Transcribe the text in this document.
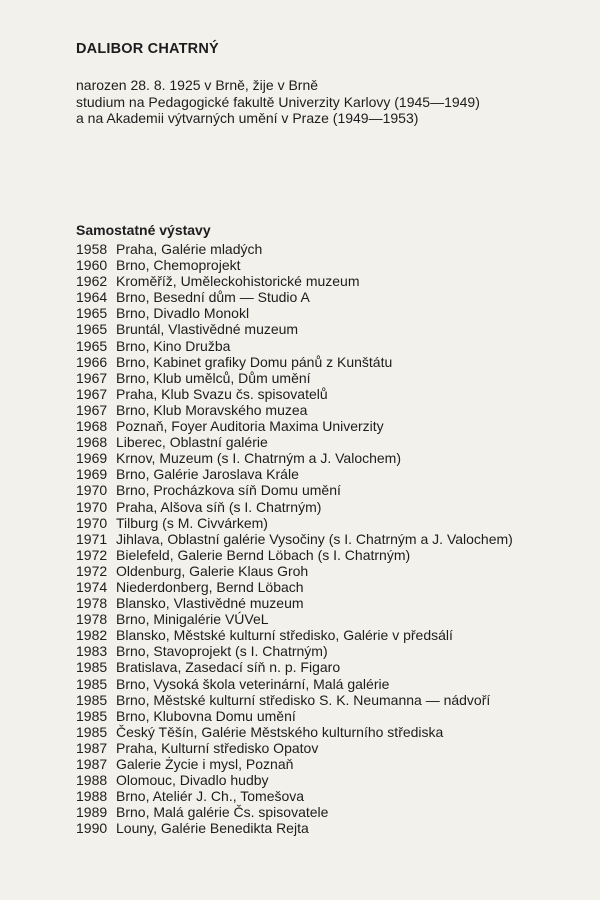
DALIBOR CHATRNÝ
narozen 28. 8. 1925 v Brně, žije v Brně
studium na Pedagogické fakultě Univerzity Karlovy (1945—1949)
a na Akademii výtvarných umění v Praze (1949—1953)
Samostatné výstavy
1958 Praha, Galérie mladých
1960 Brno, Chemoprojekt
1962 Kroměříž, Uměleckohistorické muzeum
1964 Brno, Besední dům — Studio A
1965 Brno, Divadlo Monokl
1965 Bruntál, Vlastivědné muzeum
1965 Brno, Kino Družba
1966 Brno, Kabinet grafiky Domu pánů z Kunštátu
1967 Brno, Klub umělců, Dům umění
1967 Praha, Klub Svazu čs. spisovatelů
1967 Brno, Klub Moravského muzea
1968 Poznaň, Foyer Auditoria Maxima Univerzity
1968 Liberec, Oblastní galérie
1969 Krnov, Muzeum (s I. Chatrným a J. Valochem)
1969 Brno, Galérie Jaroslava Krále
1970 Brno, Procházkova síň Domu umění
1970 Praha, Alšova síň (s I. Chatrným)
1970 Tilburg (s M. Civvárkem)
1971 Jihlava, Oblastní galérie Vysočiny (s I. Chatrným a J. Valochem)
1972 Bielefeld, Galerie Bernd Löbach (s I. Chatrným)
1972 Oldenburg, Galerie Klaus Groh
1974 Niederdonberg, Bernd Löbach
1978 Blansko, Vlastivědné muzeum
1978 Brno, Minigalérie VÚVeL
1982 Blansko, Městské kulturní středisko, Galérie v předsálí
1983 Brno, Stavoprojekt (s I. Chatrným)
1985 Bratislava, Zasedací síň n. p. Figaro
1985 Brno, Vysoká škola veterinární, Malá galérie
1985 Brno, Městské kulturní středisko S. K. Neumanna — nádvoří
1985 Brno, Klubovna Domu umění
1985 Český Těšín, Galérie Městského kulturního střediska
1987 Praha, Kulturní středisko Opatov
1987 Galerie Życie i mysl, Poznaň
1988 Olomouc, Divadlo hudby
1988 Brno, Ateliér J. Ch., Tomešova
1989 Brno, Malá galérie Čs. spisovatele
1990 Louny, Galérie Benedikta Rejta
